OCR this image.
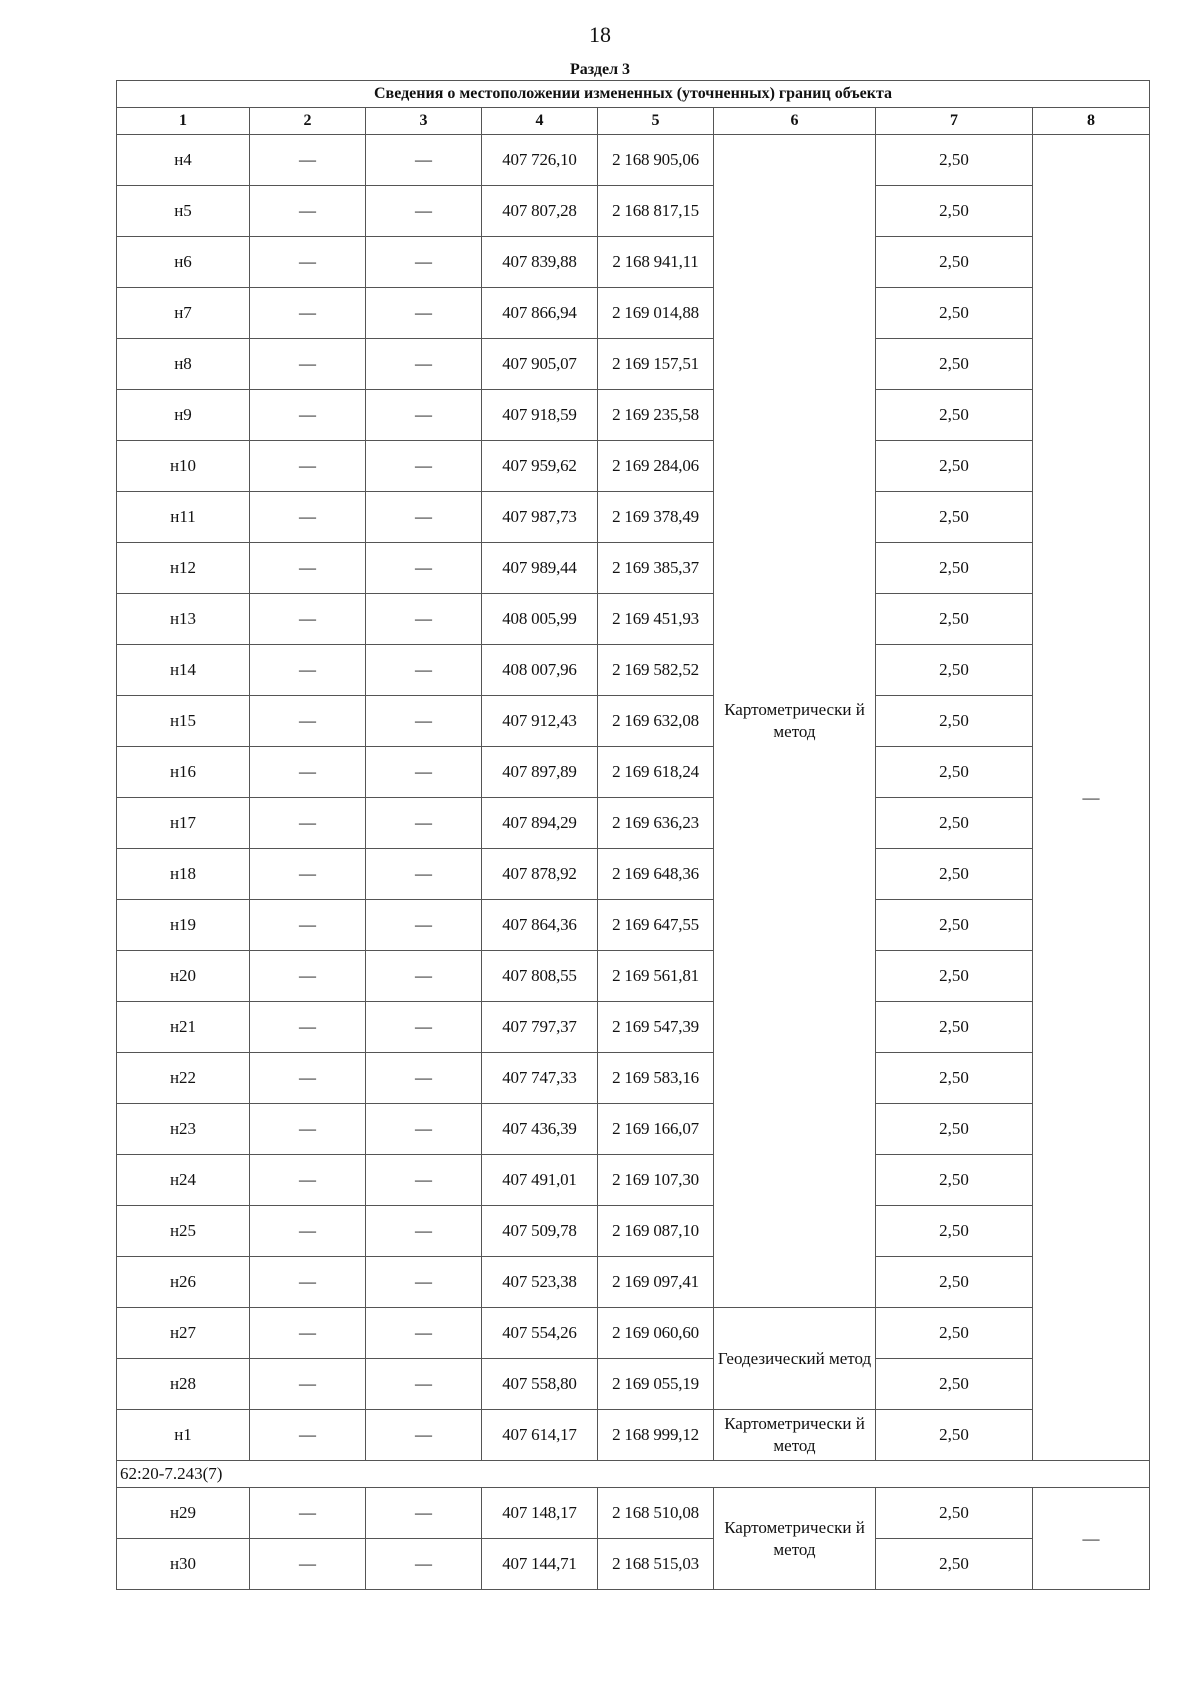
18
Раздел 3
Сведения о местоположении измененных (уточненных) границ объекта							
1	2	3	4	5	6	7	8
н4	—	—	407 726,10	2 168 905,06	Картометрически й метод	2,50	—
н5	—	—	407 807,28	2 168 817,15		2,50	
н6	—	—	407 839,88	2 168 941,11		2,50	
н7	—	—	407 866,94	2 169 014,88		2,50	
н8	—	—	407 905,07	2 169 157,51		2,50	
н9	—	—	407 918,59	2 169 235,58		2,50	
н10	—	—	407 959,62	2 169 284,06		2,50	
н11	—	—	407 987,73	2 169 378,49		2,50	
н12	—	—	407 989,44	2 169 385,37		2,50	
н13	—	—	408 005,99	2 169 451,93		2,50	
н14	—	—	408 007,96	2 169 582,52		2,50	
н15	—	—	407 912,43	2 169 632,08		2,50	
н16	—	—	407 897,89	2 169 618,24		2,50	
н17	—	—	407 894,29	2 169 636,23		2,50	
н18	—	—	407 878,92	2 169 648,36		2,50	
н19	—	—	407 864,36	2 169 647,55		2,50	
н20	—	—	407 808,55	2 169 561,81		2,50	
н21	—	—	407 797,37	2 169 547,39		2,50	
н22	—	—	407 747,33	2 169 583,16		2,50	
н23	—	—	407 436,39	2 169 166,07		2,50	
н24	—	—	407 491,01	2 169 107,30		2,50	
н25	—	—	407 509,78	2 169 087,10		2,50	
н26	—	—	407 523,38	2 169 097,41		2,50	
н27	—	—	407 554,26	2 169 060,60	Геодезический метод	2,50	
н28	—	—	407 558,80	2 169 055,19		2,50	
н1	—	—	407 614,17	2 168 999,12	Картометрически й метод	2,50	
62:20-7.243(7)							
н29	—	—	407 148,17	2 168 510,08	Картометрически й метод	2,50	—
н30	—	—	407 144,71	2 168 515,03		2,50	
